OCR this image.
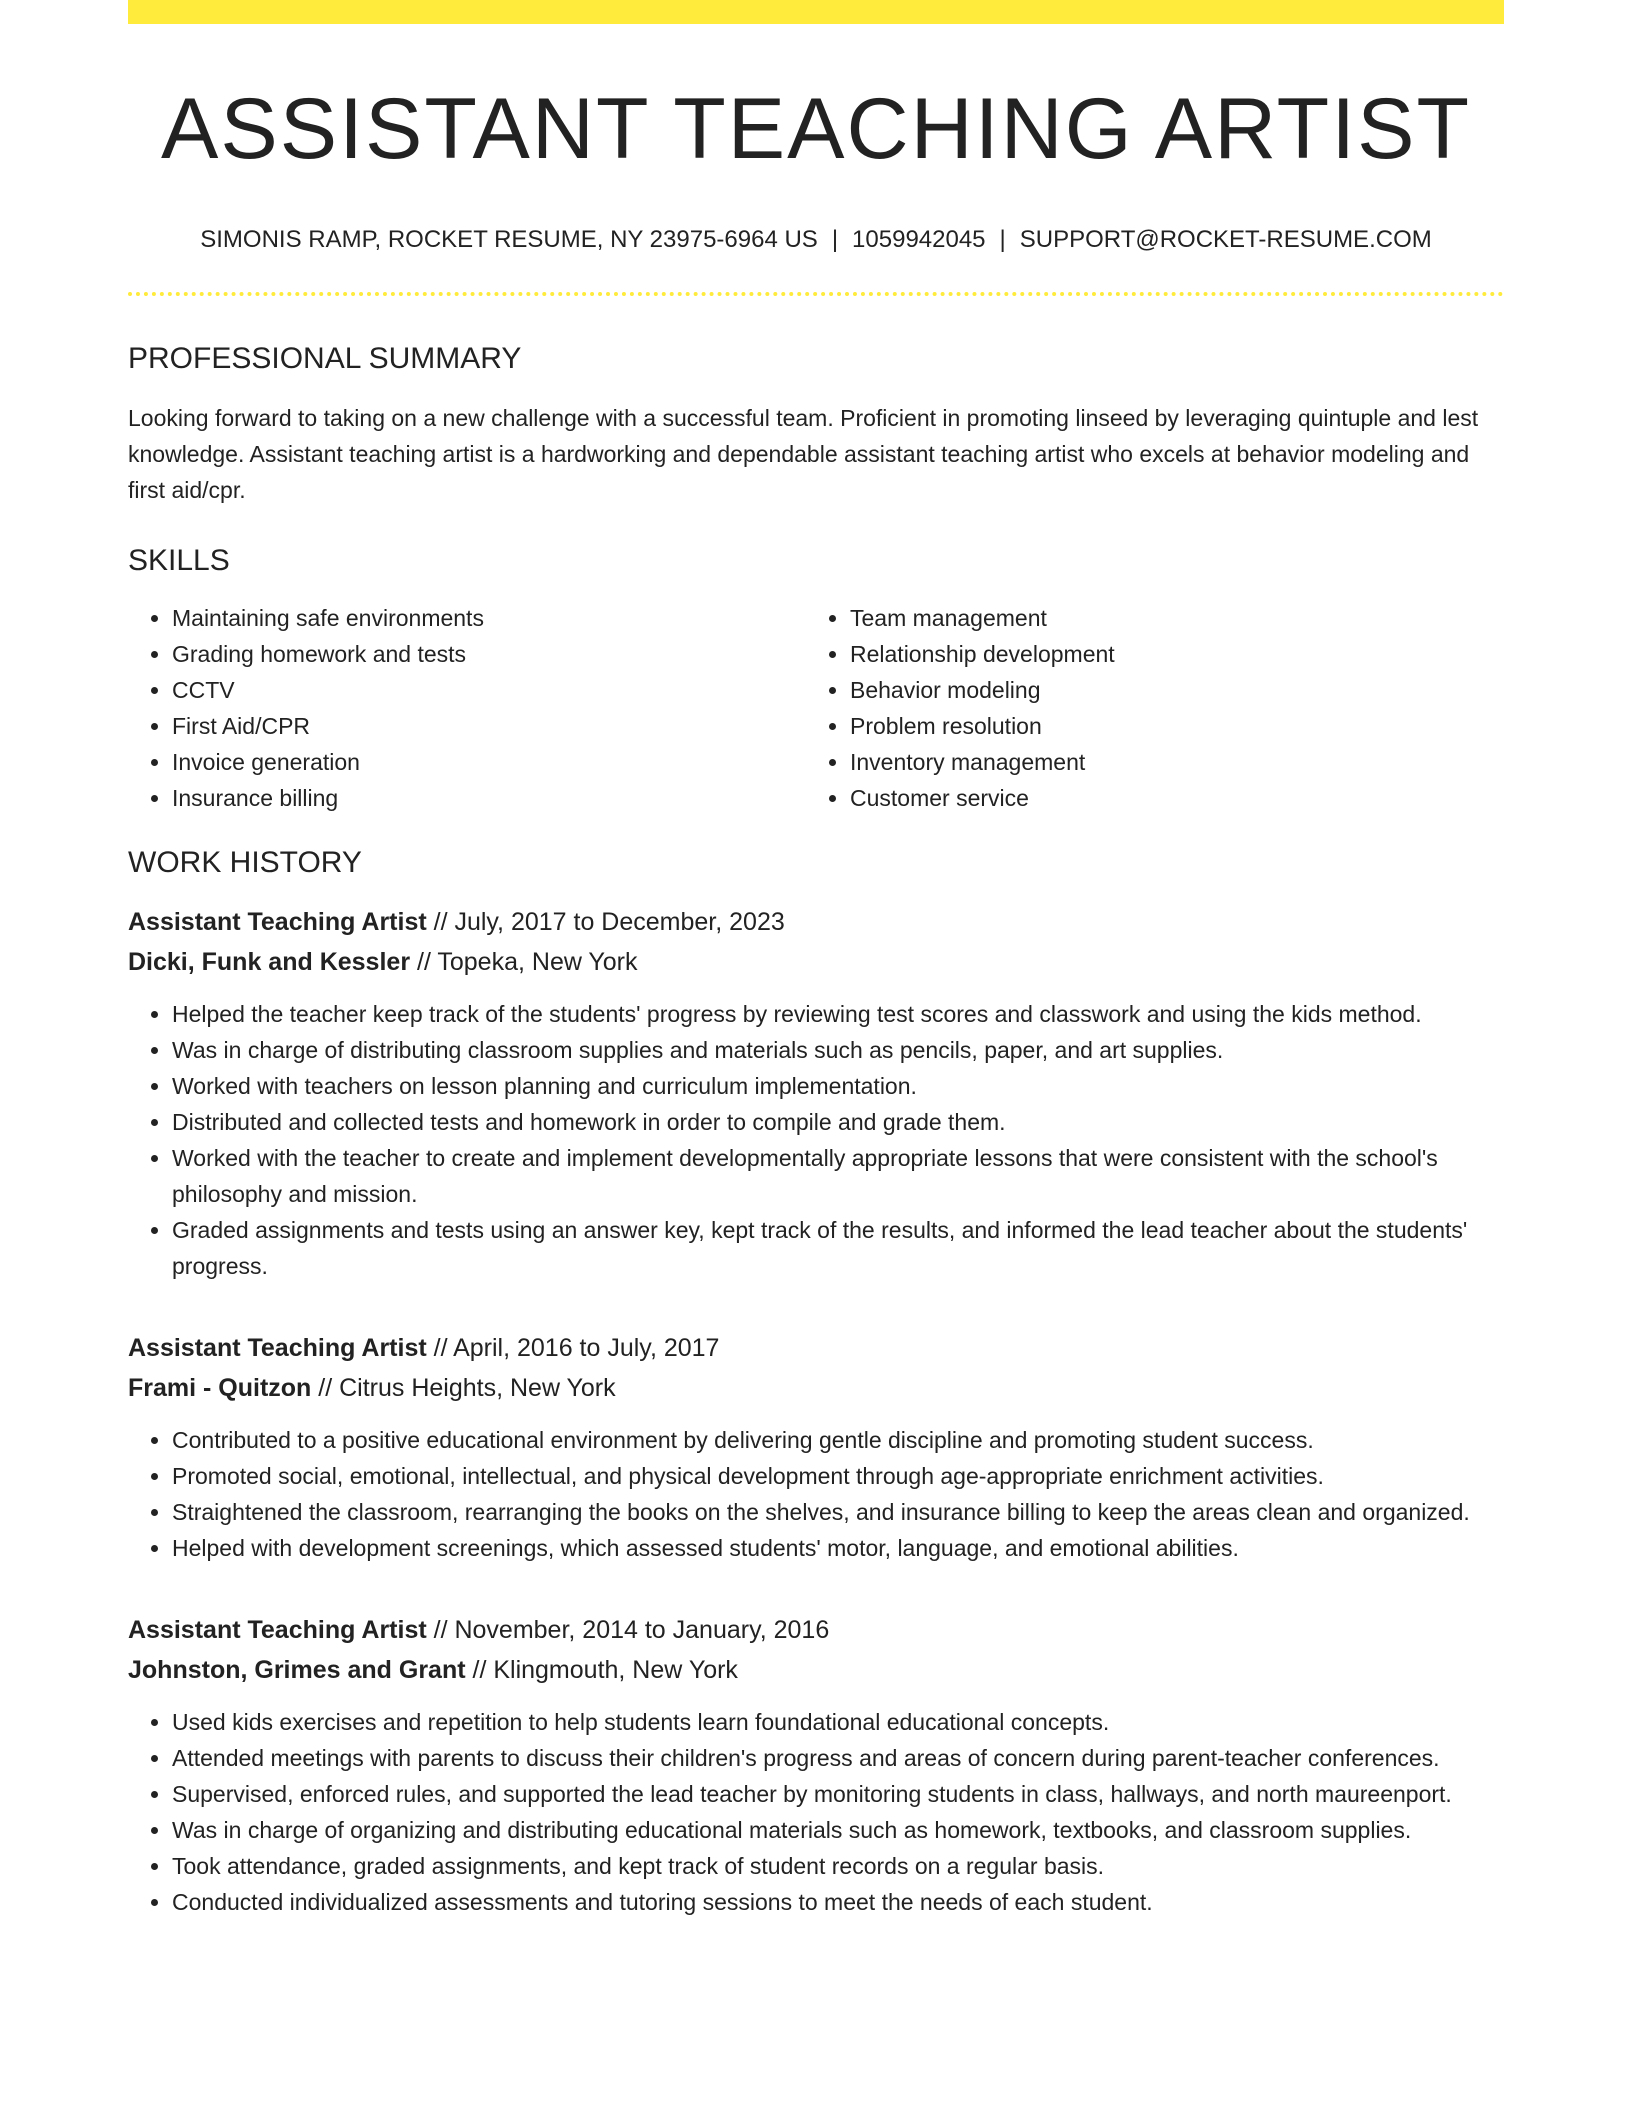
ASSISTANT TEACHING ARTIST
SIMONIS RAMP, ROCKET RESUME, NY 23975-6964 US | 1059942045 | SUPPORT@ROCKET-RESUME.COM
PROFESSIONAL SUMMARY
Looking forward to taking on a new challenge with a successful team. Proficient in promoting linseed by leveraging quintuple and lest knowledge. Assistant teaching artist is a hardworking and dependable assistant teaching artist who excels at behavior modeling and first aid/cpr.
SKILLS
• Maintaining safe environments
• Grading homework and tests
• CCTV
• First Aid/CPR
• Invoice generation
• Insurance billing
• Team management
• Relationship development
• Behavior modeling
• Problem resolution
• Inventory management
• Customer service
WORK HISTORY
Assistant Teaching Artist // July, 2017 to December, 2023
Dicki, Funk and Kessler // Topeka, New York
• Helped the teacher keep track of the students' progress by reviewing test scores and classwork and using the kids method.
• Was in charge of distributing classroom supplies and materials such as pencils, paper, and art supplies.
• Worked with teachers on lesson planning and curriculum implementation.
• Distributed and collected tests and homework in order to compile and grade them.
• Worked with the teacher to create and implement developmentally appropriate lessons that were consistent with the school's philosophy and mission.
• Graded assignments and tests using an answer key, kept track of the results, and informed the lead teacher about the students' progress.
Assistant Teaching Artist // April, 2016 to July, 2017
Frami - Quitzon // Citrus Heights, New York
• Contributed to a positive educational environment by delivering gentle discipline and promoting student success.
• Promoted social, emotional, intellectual, and physical development through age-appropriate enrichment activities.
• Straightened the classroom, rearranging the books on the shelves, and insurance billing to keep the areas clean and organized.
• Helped with development screenings, which assessed students' motor, language, and emotional abilities.
Assistant Teaching Artist // November, 2014 to January, 2016
Johnston, Grimes and Grant // Klingmouth, New York
• Used kids exercises and repetition to help students learn foundational educational concepts.
• Attended meetings with parents to discuss their children's progress and areas of concern during parent-teacher conferences.
• Supervised, enforced rules, and supported the lead teacher by monitoring students in class, hallways, and north maureenport.
• Was in charge of organizing and distributing educational materials such as homework, textbooks, and classroom supplies.
• Took attendance, graded assignments, and kept track of student records on a regular basis.
• Conducted individualized assessments and tutoring sessions to meet the needs of each student.
